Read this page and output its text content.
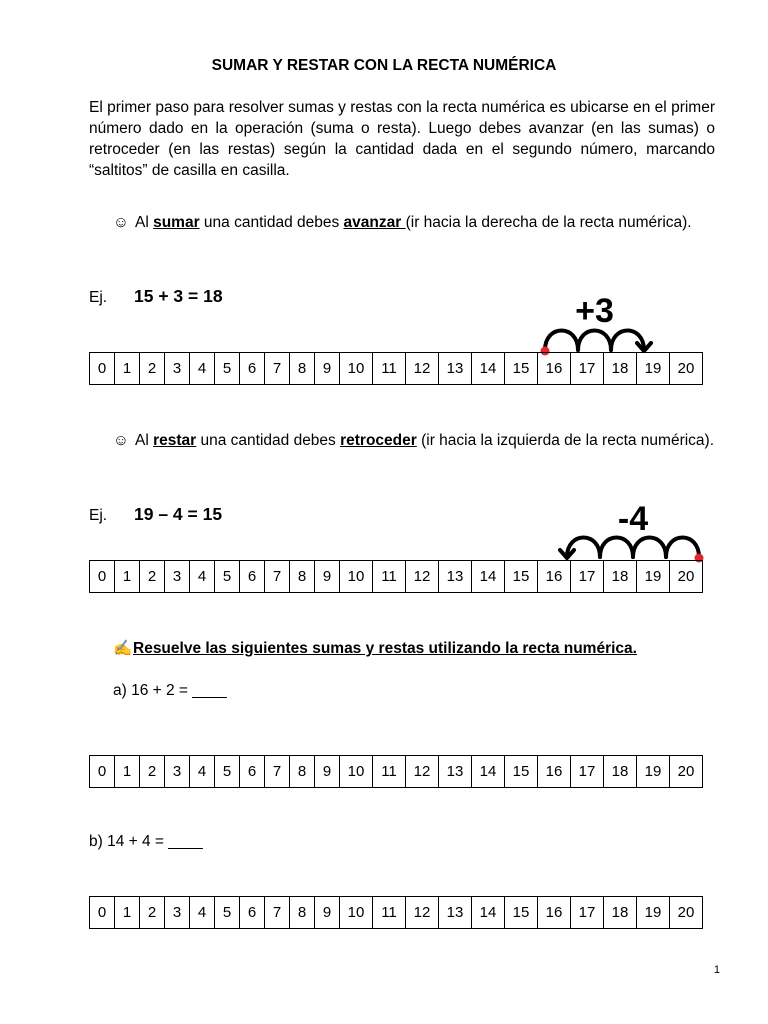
SUMAR Y RESTAR CON LA RECTA NUMÉRICA
El primer paso para resolver sumas y restas con la recta numérica es ubicarse en el primer número dado en la operación (suma o resta). Luego debes avanzar (en las sumas) o retroceder (en las restas) según la cantidad dada en el segundo número, marcando “saltitos” de casilla en casilla.
☺ Al sumar una cantidad debes avanzar (ir hacia la derecha de la recta numérica).
Ej. 15 + 3 = 18	+3
0	1	2	3	4	5	6	7	8	9	10	11	12	13	14	15	16	17	18	19	20
☺ Al restar una cantidad debes retroceder (ir hacia la izquierda de la recta numérica).
Ej. 19 – 4 = 15	-4
0	1	2	3	4	5	6	7	8	9	10	11	12	13	14	15	16	17	18	19	20
✍Resuelve las siguientes sumas y restas utilizando la recta numérica.
a) 16 + 2 = ____
0	1	2	3	4	5	6	7	8	9	10	11	12	13	14	15	16	17	18	19	20
b) 14 + 4 = ____
0	1	2	3	4	5	6	7	8	9	10	11	12	13	14	15	16	17	18	19	20
1
